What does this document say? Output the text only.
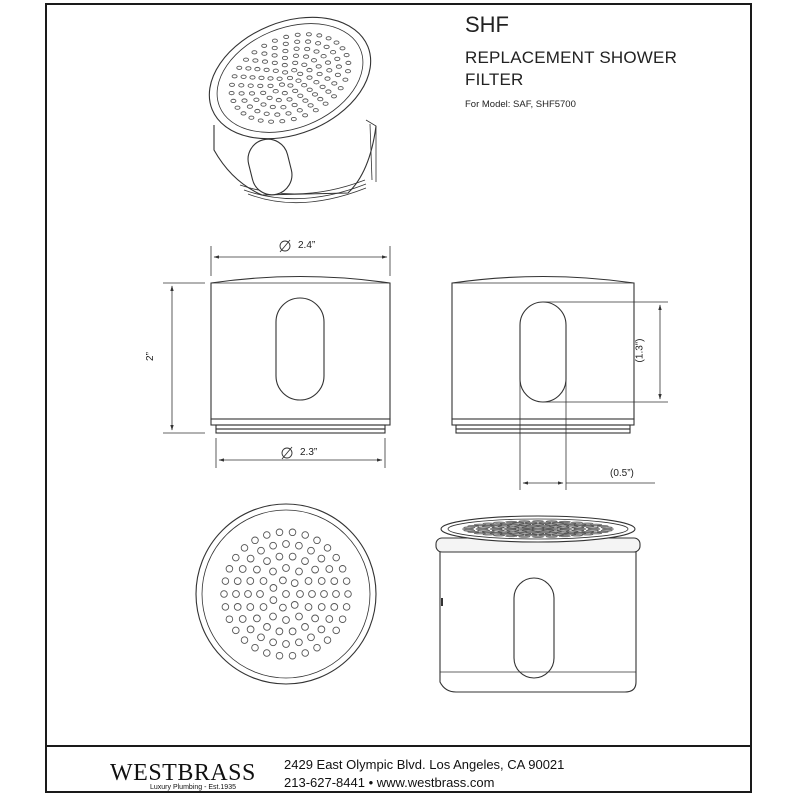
SHF
REPLACEMENT SHOWER
FILTER
For Model: SAF, SHF5700
2.4”
2.3”
2”	(1.3”)
(0.5”)
WESTBRASS
Luxury Plumbing - Est.1935
2429 East Olympic Blvd. Los Angeles, CA 90021
213-627-8441 • www.westbrass.com
